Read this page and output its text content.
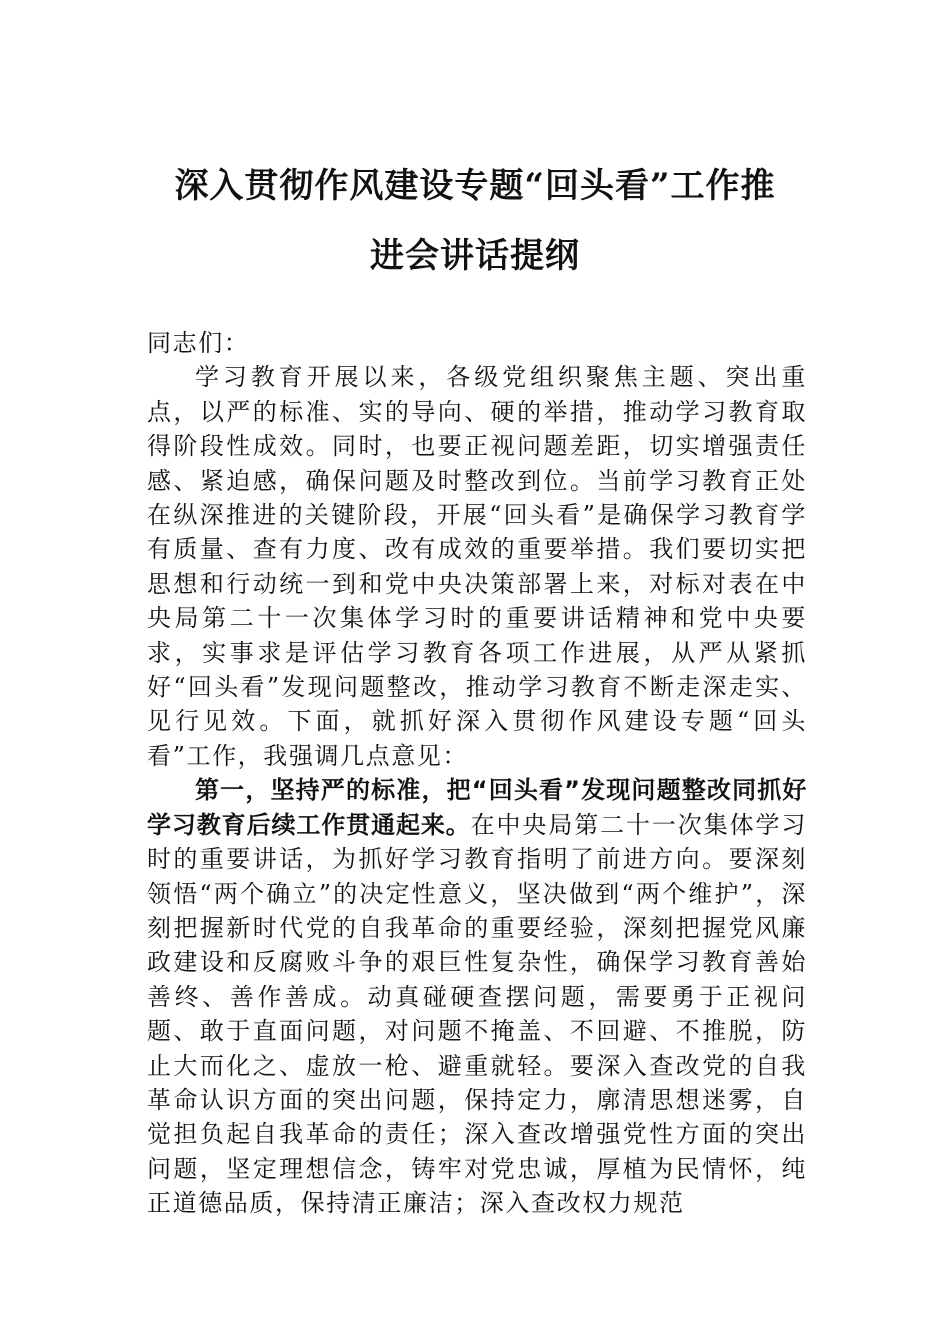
深入贯彻作风建设专题“回头看”工作推
进会讲话提纲

同志们：

学习教育开展以来，各级党组织聚焦主题、突出重点，以严的标准、实的导向、硬的举措，推动学习教育取得阶段性成效。同时，也要正视问题差距，切实增强责任感、紧迫感，确保问题及时整改到位。当前学习教育正处在纵深推进的关键阶段，开展“回头看”是确保学习教育学有质量、查有力度、改有成效的重要举措。我们要切实把思想和行动统一到和党中央决策部署上来，对标对表在中央局第二十一次集体学习时的重要讲话精神和党中央要求，实事求是评估学习教育各项工作进展，从严从紧抓好“回头看”发现问题整改，推动学习教育不断走深走实、见行见效。下面，就抓好深入贯彻作风建设专题“回头看”工作，我强调几点意见：

第一，坚持严的标准，把“回头看”发现问题整改同抓好学习教育后续工作贯通起来。在中央局第二十一次集体学习时的重要讲话，为抓好学习教育指明了前进方向。要深刻领悟“两个确立”的决定性意义，坚决做到“两个维护”，深刻把握新时代党的自我革命的重要经验，深刻把握党风廉政建设和反腐败斗争的艰巨性复杂性，确保学习教育善始善终、善作善成。动真碰硬查摆问题，需要勇于正视问题、敢于直面问题，对问题不掩盖、不回避、不推脱，防止大而化之、虚放一枪、避重就轻。要深入查改党的自我革命认识方面的突出问题，保持定力，廓清思想迷雾，自觉担负起自我革命的责任；深入查改增强党性方面的突出问题，坚定理想信念，铸牢对党忠诚，厚植为民情怀，纯正道德品质，保持清正廉洁；深入查改权力规范
